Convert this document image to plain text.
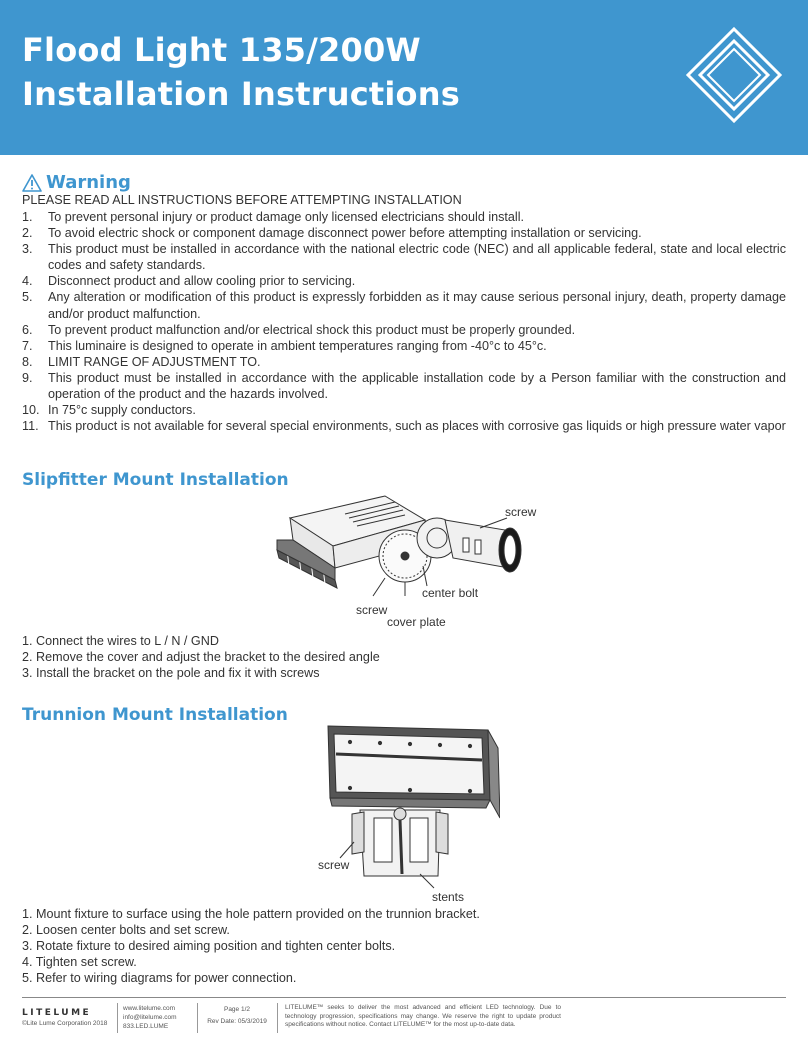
Flood Light 135/200W
Installation Instructions
Warning
PLEASE READ ALL INSTRUCTIONS BEFORE ATTEMPTING INSTALLATION
1.	To prevent personal injury or product damage only licensed electricians should install.
2.	To avoid electric shock or component damage disconnect power before attempting installation or servicing.
3.	This product must be installed in accordance with the national electric code (NEC) and all applicable federal, state and local electric codes and safety standards.
4.	Disconnect product and allow cooling prior to servicing.
5.	Any alteration or modification of this product is expressly forbidden as it may cause serious personal injury, death, property damage and/or product malfunction.
6.	To prevent product malfunction and/or electrical shock this product must be properly grounded.
7.	This luminaire is designed to operate in ambient temperatures ranging from -40°c to 45°c.
8.	LIMIT RANGE OF ADJUSTMENT TO.
9.	This product must be installed in accordance with the applicable installation code by a Person familiar with the construction and operation of the product and the hazards involved.
10. In 75°c supply conductors.
11. This product is not available for several special environments, such as places with corrosive gas liquids or high pressure water vapor
Slipfitter Mount Installation
screw
center bolt
screw
cover plate
1. Connect the wires to L / N / GND
2. Remove the cover and adjust the bracket to the desired angle
3. Install the bracket on the pole and fix it with screws
Trunnion Mount Installation
screw
stents
1. Mount fixture to surface using the hole pattern provided on the trunnion bracket.
2. Loosen center bolts and set screw.
3. Rotate fixture to desired aiming position and tighten center bolts.
4. Tighten set screw.
5. Refer to wiring diagrams for power connection.
LITELUME
©Lite Lume Corporation 2018
www.litelume.com
info@litelume.com
833.LED.LUME
Page 1/2
Rev Date: 05/3/2019
LITELUME™ seeks to deliver the most advanced and efficient LED technology. Due to technology progression, specifications may change. We reserve the right to update product specifications without notice. Contact LITELUME™ for the most up-to-date data.
